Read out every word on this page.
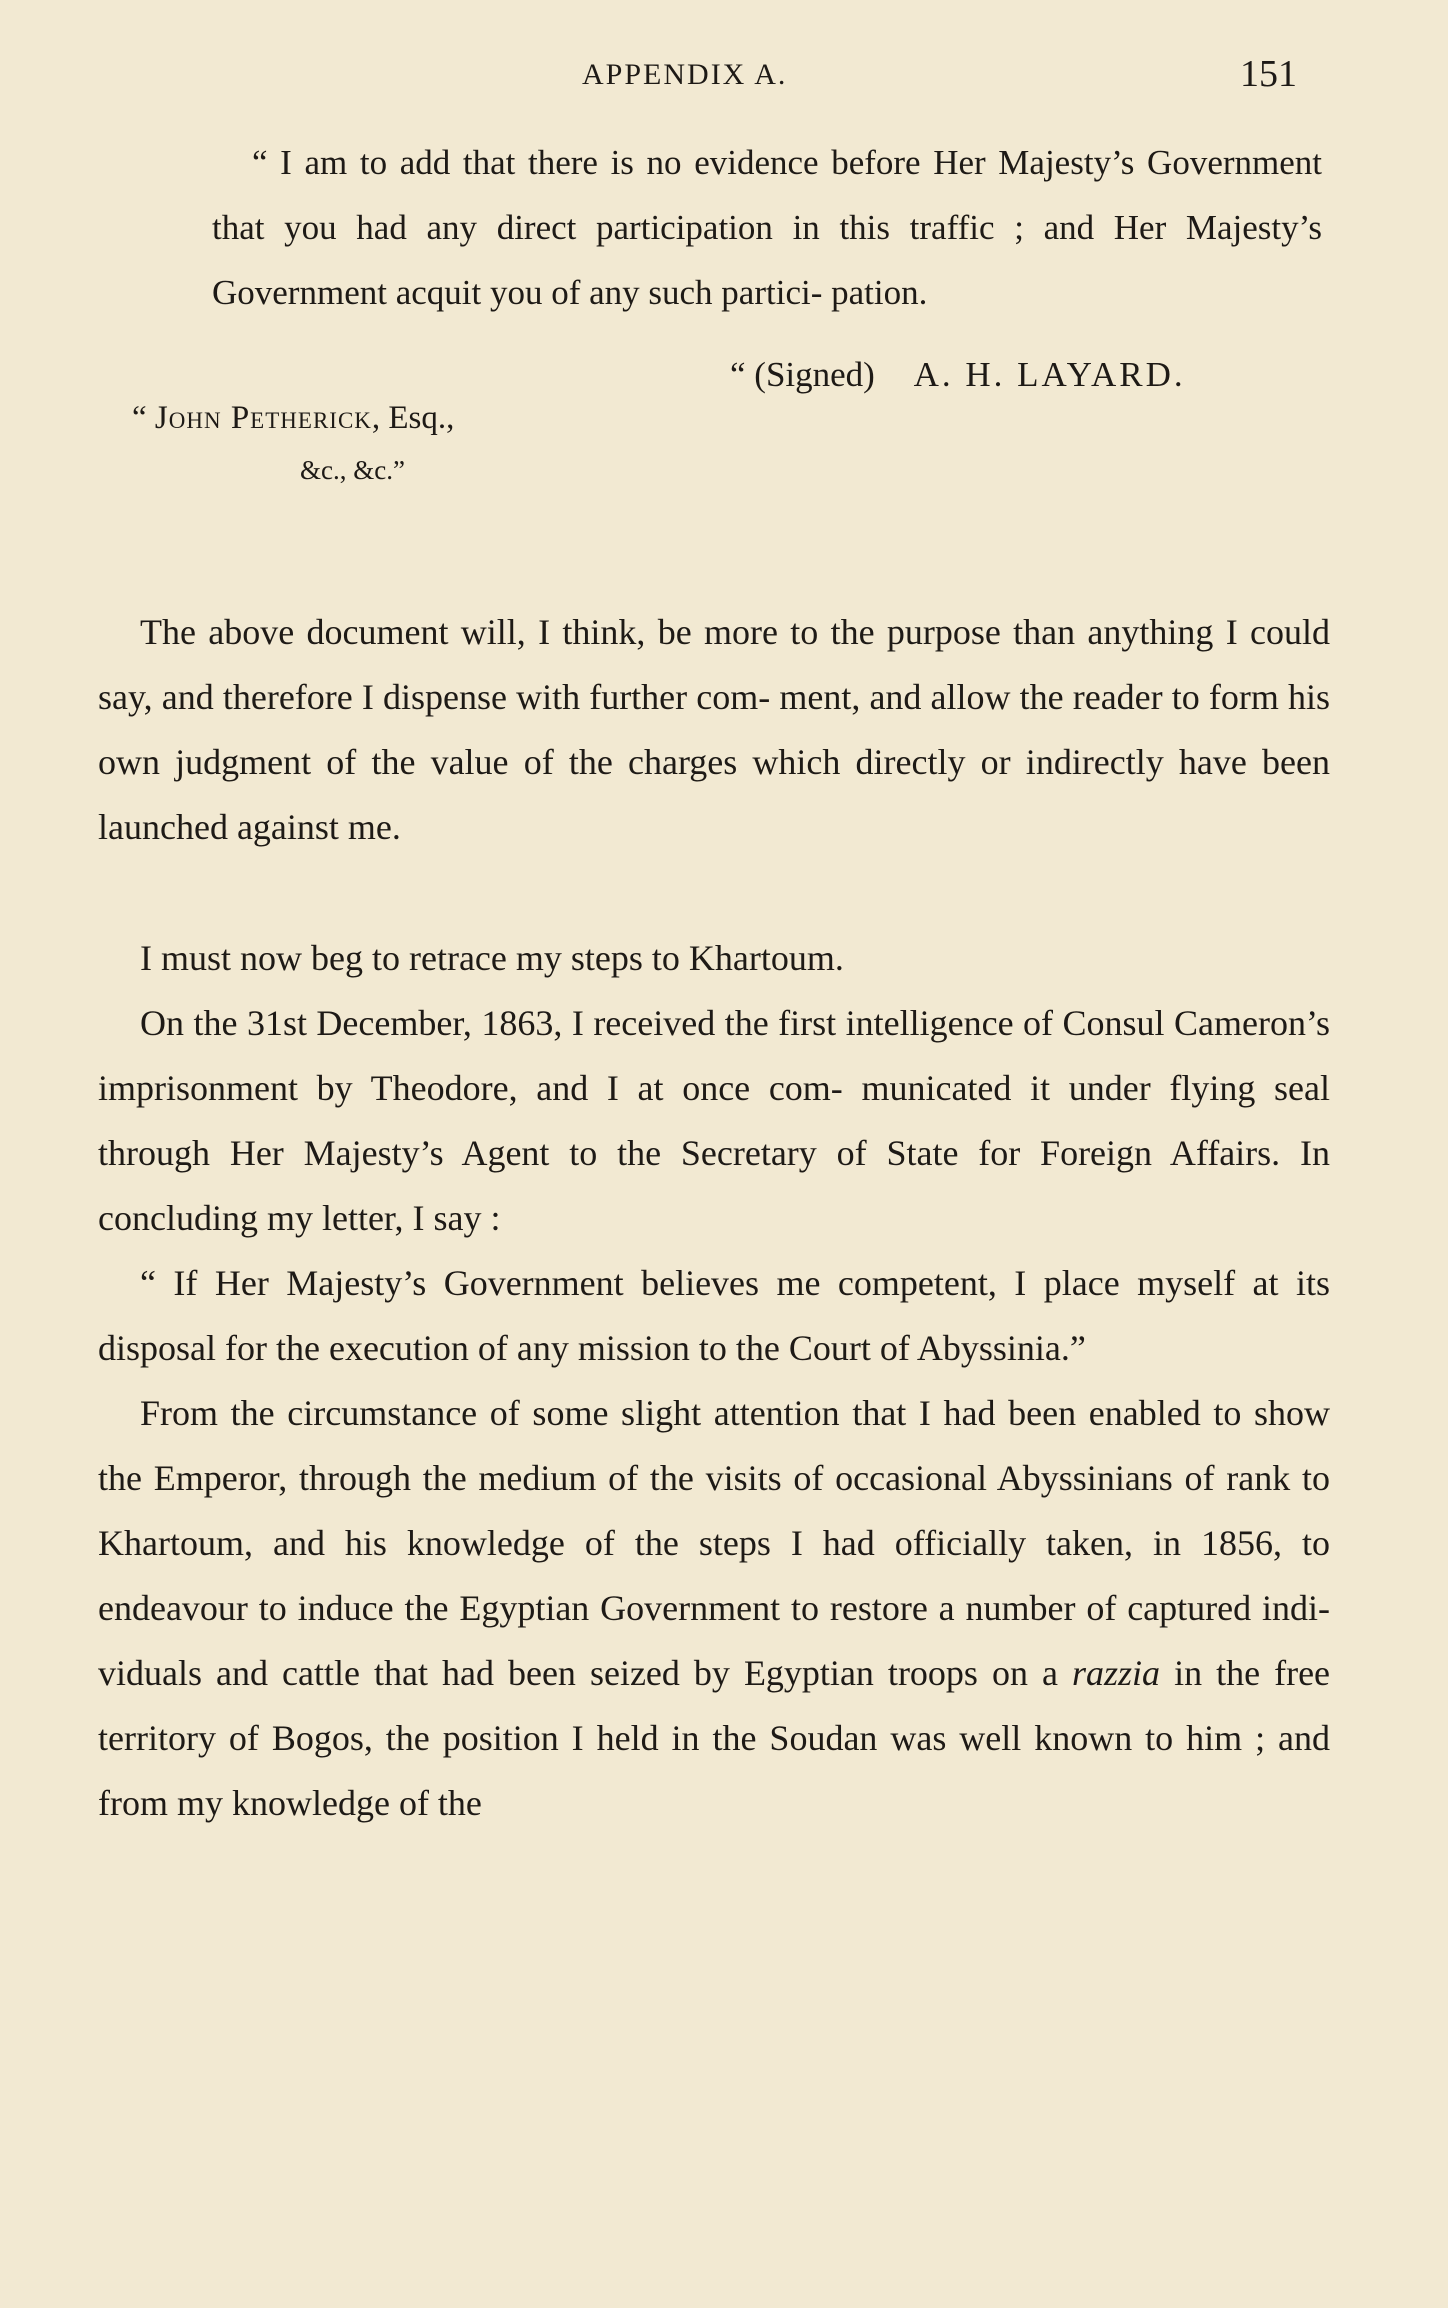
APPENDIX A.	151

“ I am to add that there is no evidence before Her Majesty’s Government that you had any direct participation in this traffic ; and Her Majesty’s Government acquit you of any such partici- pation.

“ (Signed) A. H. LAYARD.
“ John Petherick, Esq.,
&c., &c.”

The above document will, I think, be more to the purpose than anything I could say, and therefore I dispense with further com- ment, and allow the reader to form his own judgment of the value of the charges which directly or indirectly have been launched against me.

I must now beg to retrace my steps to Khartoum.

On the 31st December, 1863, I received the first intelligence of Consul Cameron’s imprisonment by Theodore, and I at once com- municated it under flying seal through Her Majesty’s Agent to the Secretary of State for Foreign Affairs. In concluding my letter, I say :

“ If Her Majesty’s Government believes me competent, I place myself at its disposal for the execution of any mission to the Court of Abyssinia.”

From the circumstance of some slight attention that I had been enabled to show the Emperor, through the medium of the visits of occasional Abyssinians of rank to Khartoum, and his knowledge of the steps I had officially taken, in 1856, to endeavour to induce the Egyptian Government to restore a number of captured indi- viduals and cattle that had been seized by Egyptian troops on a razzia in the free territory of Bogos, the position I held in the Soudan was well known to him ; and from my knowledge of the
